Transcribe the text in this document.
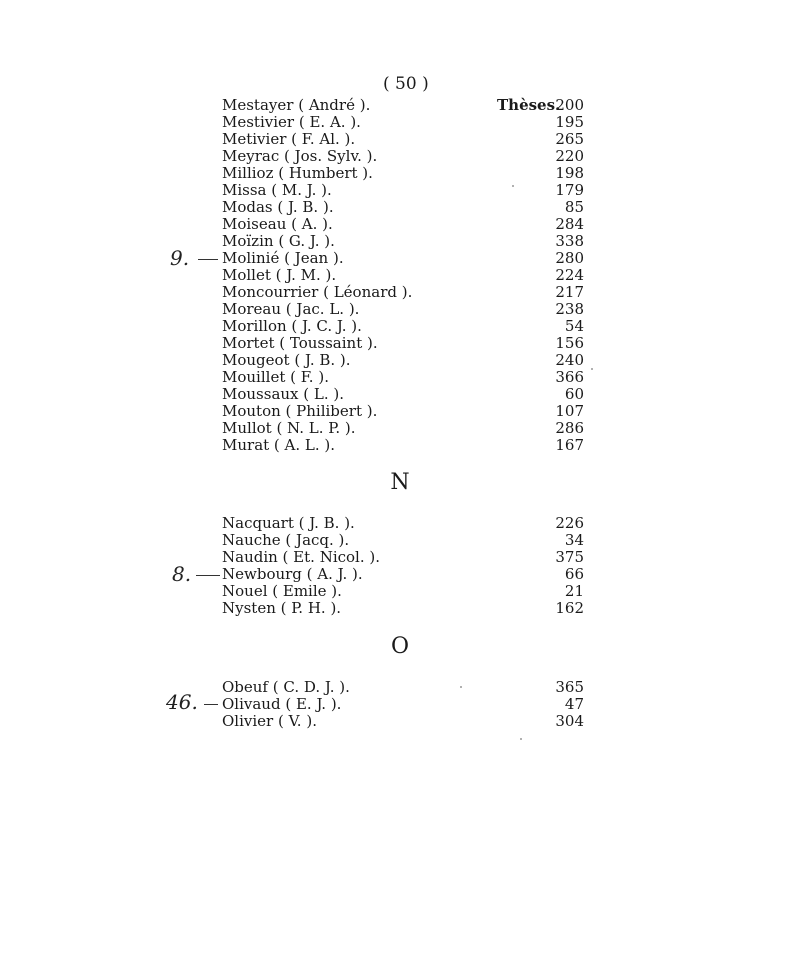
( 50 )
Thèses.
Mestayer ( André ).	200
Mestivier ( E. A. ).	195
Metivier ( F. Al. ).	265
Meyrac ( Jos. Sylv. ).	220
Millioz ( Humbert ).	198
Missa ( M. J. ).	179
Modas ( J. B. ).	85
Moiseau ( A. ).	284
Moïzin ( G. J. ).	338
Molinié ( Jean ).	280
Mollet ( J. M. ).	224
Moncourrier ( Léonard ).	217
Moreau ( Jac. L. ).	238
Morillon ( J. C. J. ).	54
Mortet ( Toussaint ).	156
Mougeot ( J. B. ).	240
Mouillet ( F. ).	366
Moussaux ( L. ).	60
Mouton ( Philibert ).	107
Mullot ( N. L. P. ).	286
Murat ( A. L. ).	167
N
Nacquart ( J. B. ).	226
Nauche ( Jacq. ).	34
Naudin ( Et. Nicol. ).	375
Newbourg ( A. J. ).	66
Nouel ( Emile ).	21
Nysten ( P. H. ).	162
O
Obeuf ( C. D. J. ).	365
Olivaud ( E. J. ).	47
Olivier ( V. ).	304
9.
8.
46.
